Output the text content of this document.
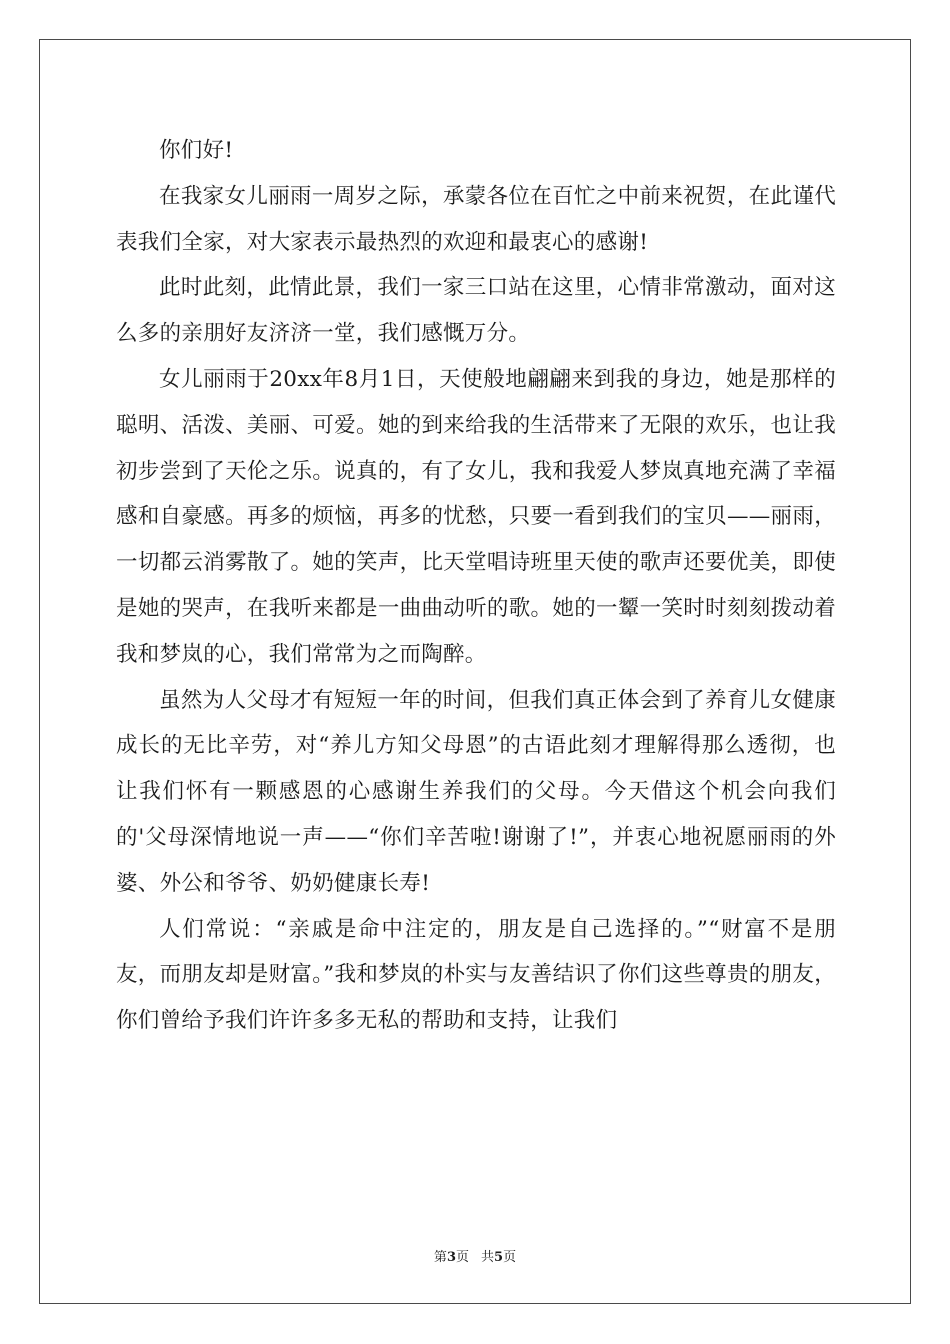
你们好!

在我家女儿丽雨一周岁之际，承蒙各位在百忙之中前来祝贺，在此谨代表我们全家，对大家表示最热烈的欢迎和最衷心的感谢!

此时此刻，此情此景，我们一家三口站在这里，心情非常激动，面对这么多的亲朋好友济济一堂，我们感慨万分。

女儿丽雨于20xx年8月1日，天使般地翩翩来到我的身边，她是那样的聪明、活泼、美丽、可爱。她的到来给我的生活带来了无限的欢乐，也让我初步尝到了天伦之乐。说真的，有了女儿，我和我爱人梦岚真地充满了幸福感和自豪感。再多的烦恼，再多的忧愁，只要一看到我们的宝贝——丽雨，一切都云消雾散了。她的笑声，比天堂唱诗班里天使的歌声还要优美，即使是她的哭声，在我听来都是一曲曲动听的歌。她的一颦一笑时时刻刻拨动着我和梦岚的心，我们常常为之而陶醉。

虽然为人父母才有短短一年的时间，但我们真正体会到了养育儿女健康成长的无比辛劳，对“养儿方知父母恩”的古语此刻才理解得那么透彻，也让我们怀有一颗感恩的心感谢生养我们的父母。今天借这个机会向我们的'父母深情地说一声——“你们辛苦啦!谢谢了!”，并衷心地祝愿丽雨的外婆、外公和爷爷、奶奶健康长寿!

人们常说：“亲戚是命中注定的，朋友是自己选择的。”“财富不是朋友，而朋友却是财富。”我和梦岚的朴实与友善结识了你们这些尊贵的朋友，你们曾给予我们许许多多无私的帮助和支持，让我们

第3页 共5页
